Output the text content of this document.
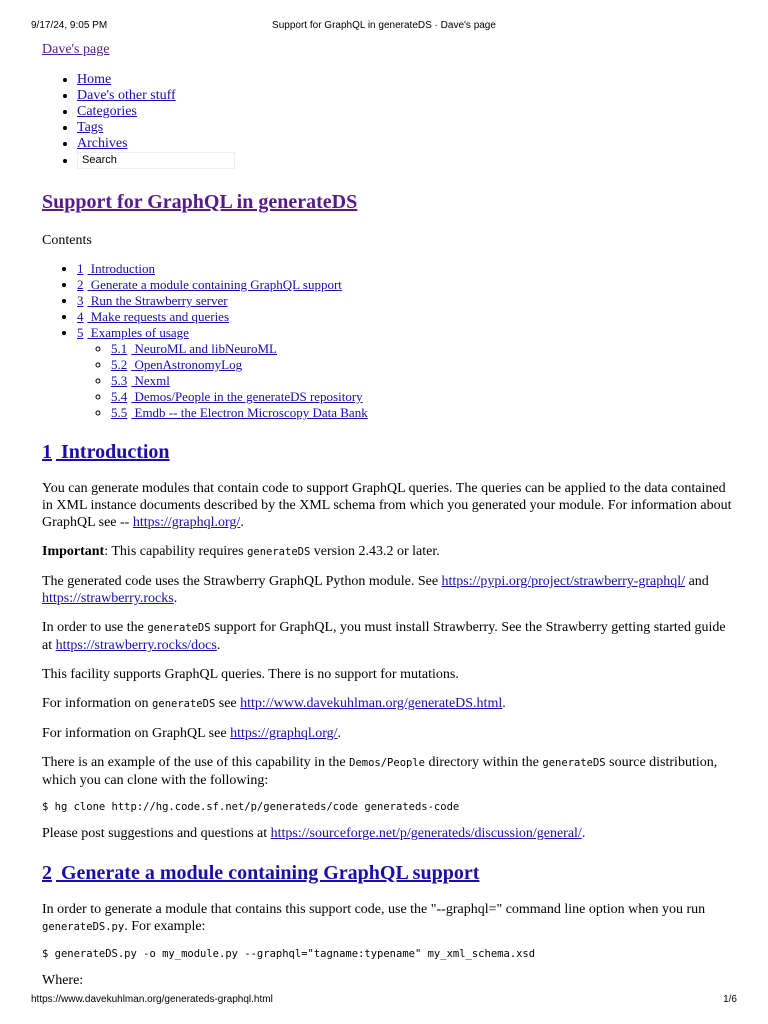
9/17/24, 9:05 PM	Support for GraphQL in generateDS · Dave's page
Dave's page
• Home
• Dave's other stuff
• Categories
• Tags
• Archives
• Search
Support for GraphQL in generateDS

Contents

• 1 Introduction
• 2 Generate a module containing GraphQL support
• 3 Run the Strawberry server
• 4 Make requests and queries
• 5 Examples of usage
◦ 5.1 NeuroML and libNeuroML
◦ 5.2 OpenAstronomyLog
◦ 5.3 Nexml
◦ 5.4 Demos/People in the generateDS repository
◦ 5.5 Emdb -- the Electron Microscopy Data Bank
1 Introduction

You can generate modules that contain code to support GraphQL queries. The queries can be applied to the data contained in XML instance documents described by the XML schema from which you generated your module. For information about GraphQL see -- https://graphql.org/.

Important: This capability requires generateDS version 2.43.2 or later.

The generated code uses the Strawberry GraphQL Python module. See https://pypi.org/project/strawberry-graphql/ and https://strawberry.rocks.

In order to use the generateDS support for GraphQL, you must install Strawberry. See the Strawberry getting started guide at https://strawberry.rocks/docs.

This facility supports GraphQL queries. There is no support for mutations.

For information on generateDS see http://www.davekuhlman.org/generateDS.html.

For information on GraphQL see https://graphql.org/.

There is an example of the use of this capability in the Demos/People directory within the generateDS source distribution, which you can clone with the following:

$ hg clone http://hg.code.sf.net/p/generateds/code generateds-code

Please post suggestions and questions at https://sourceforge.net/p/generateds/discussion/general/.

2 Generate a module containing GraphQL support

In order to generate a module that contains this support code, use the "--graphql=" command line option when you run generateDS.py. For example:

$ generateDS.py -o my_module.py --graphql="tagname:typename" my_xml_schema.xsd

Where:

https://www.davekuhlman.org/generateds-graphql.html	1/6
